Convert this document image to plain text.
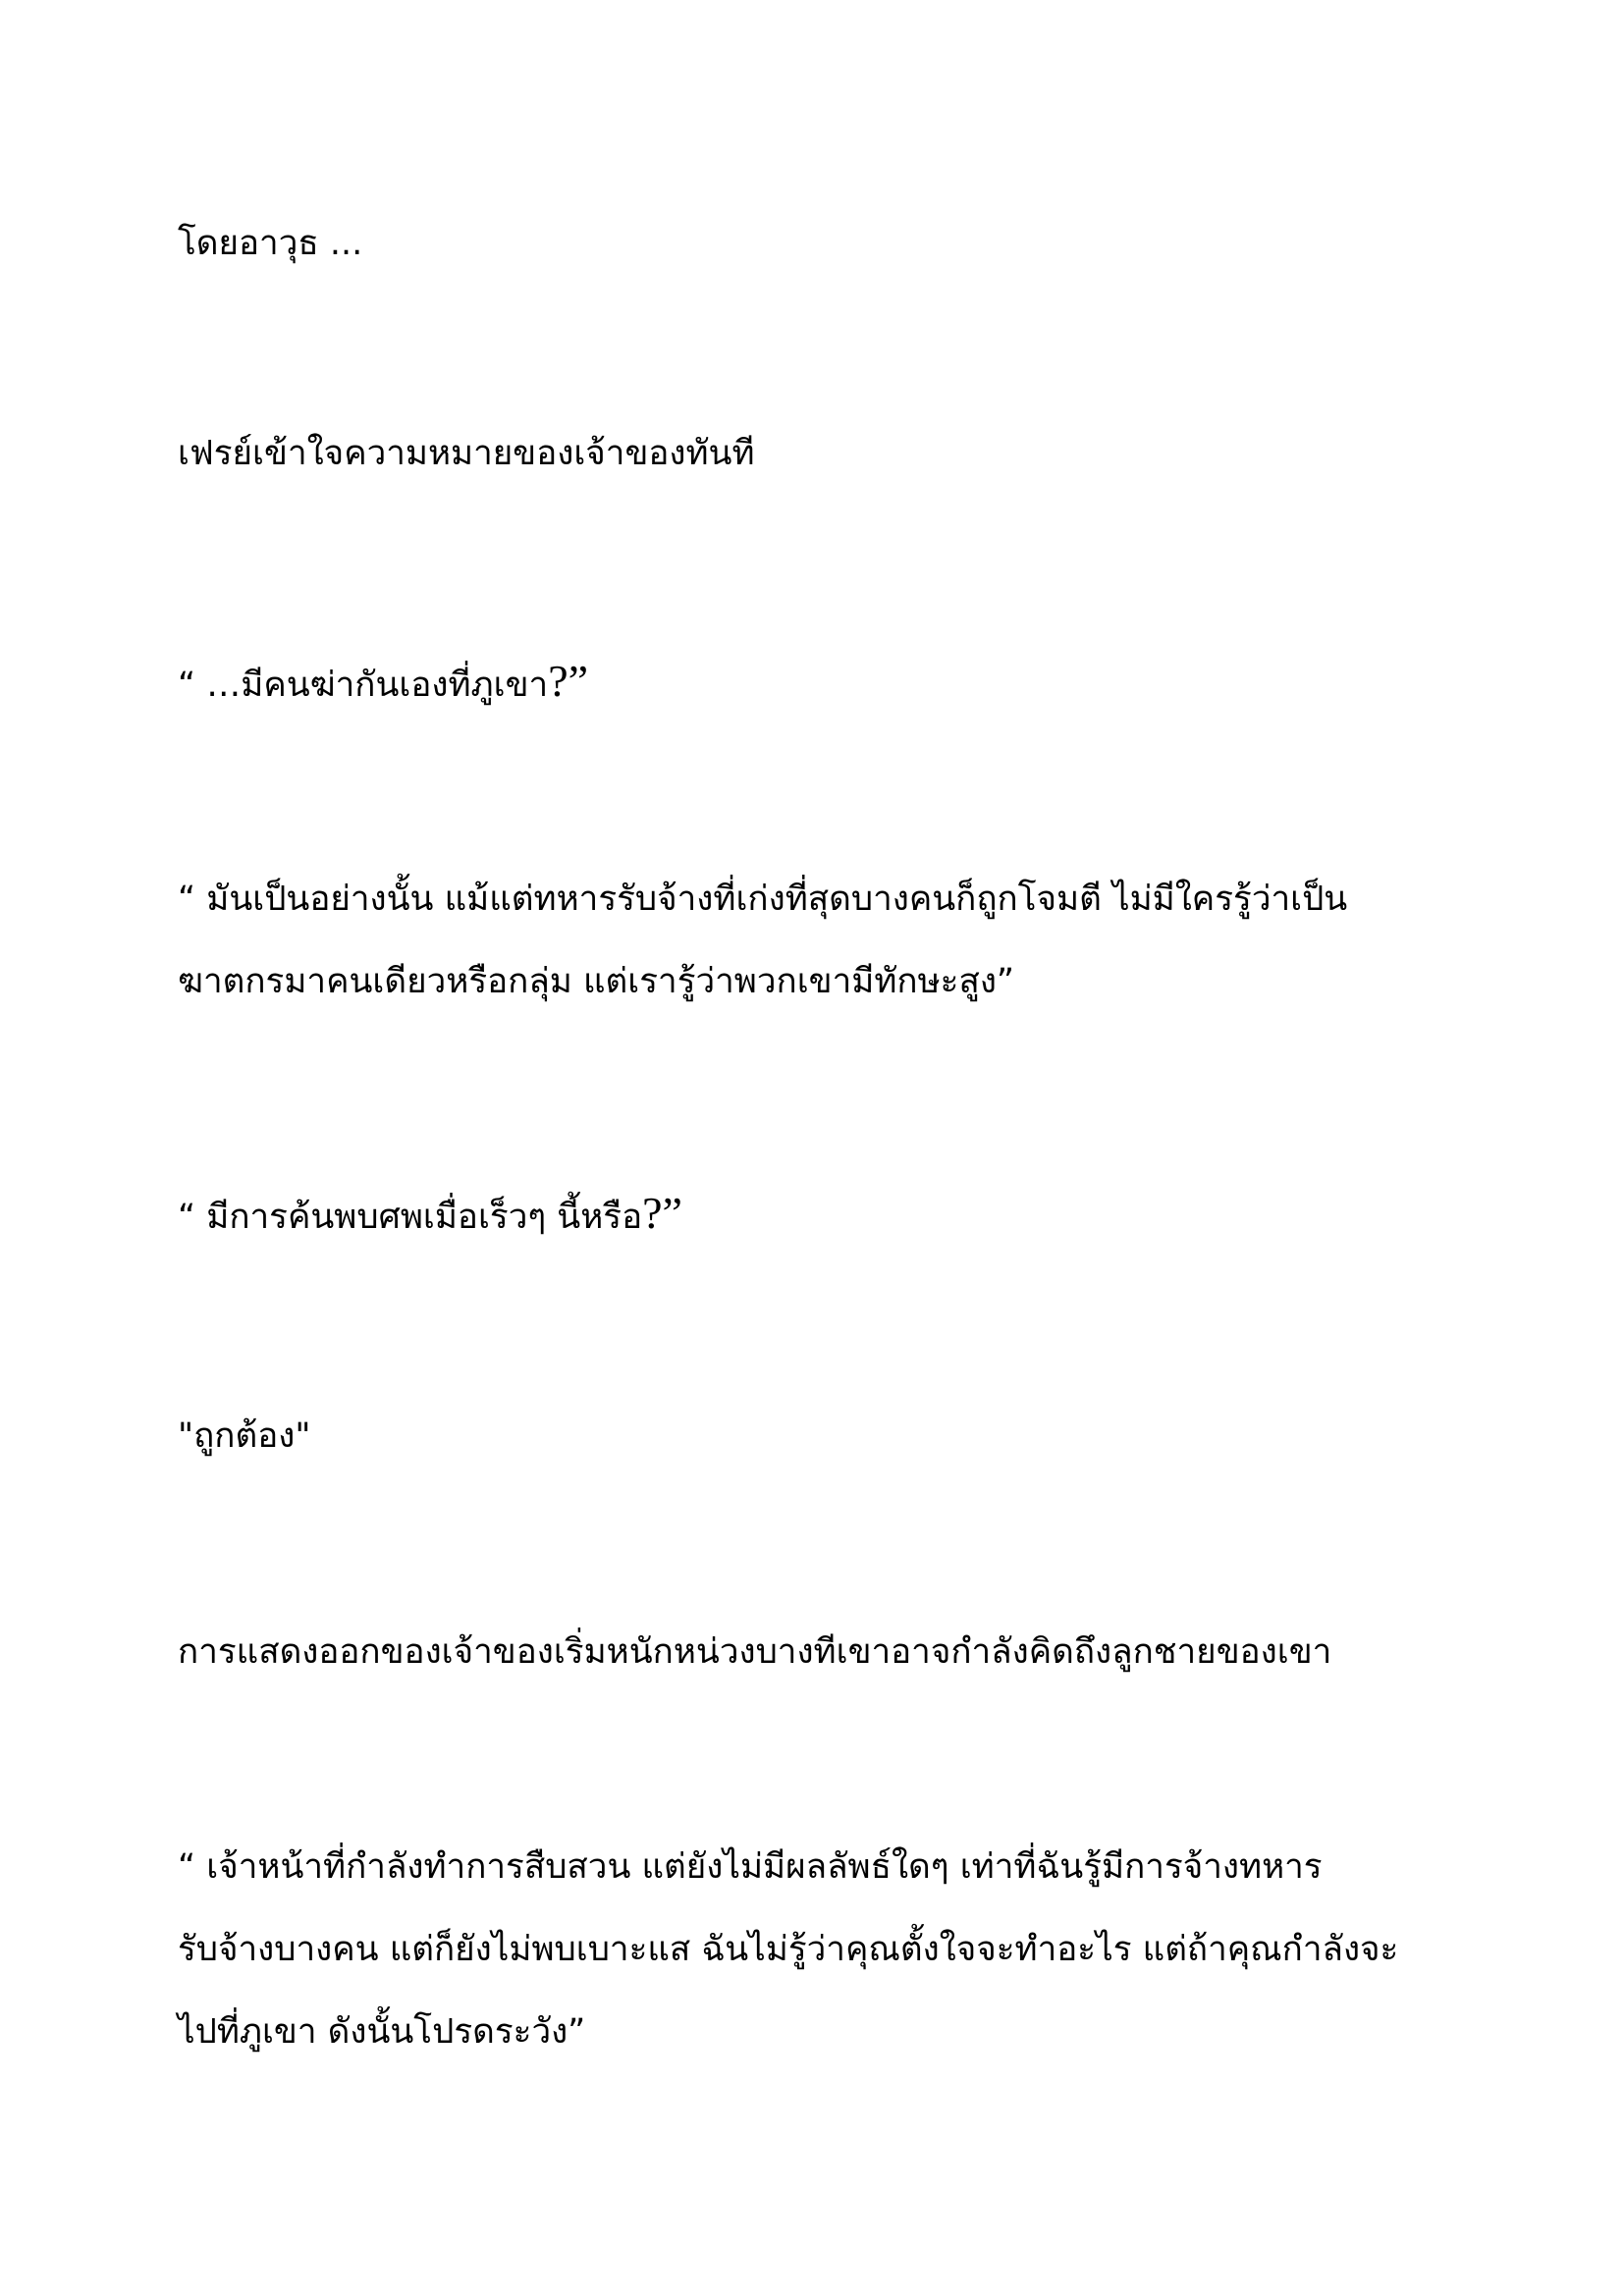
โดยอาวุธ ...

เฟรย์เข้าใจความหมายของเจ้าของทันที

“ …มีคนฆ่ากันเองที่ภูเขา?”

“ มันเป็นอย่างนั้น แม้แต่ทหารรับจ้างที่เก่งที่สุดบางคนก็ถูกโจมตี ไม่มีใครรู้ว่าเป็น
ฆาตกรมาคนเดียวหรือกลุ่ม แต่เรารู้ว่าพวกเขามีทักษะสูง”

“ มีการค้นพบศพเมื่อเร็วๆ นี้หรือ?”

"ถูกต้อง"

การแสดงออกของเจ้าของเริ่มหนักหน่วงบางทีเขาอาจกำลังคิดถึงลูกชายของเขา

“ เจ้าหน้าที่กำลังทำการสืบสวน แต่ยังไม่มีผลลัพธ์ใดๆ เท่าที่ฉันรู้มีการจ้างทหาร
รับจ้างบางคน แต่ก็ยังไม่พบเบาะแส ฉันไม่รู้ว่าคุณตั้งใจจะทำอะไร แต่ถ้าคุณกำลังจะ
ไปที่ภูเขา ดังนั้นโปรดระวัง”
